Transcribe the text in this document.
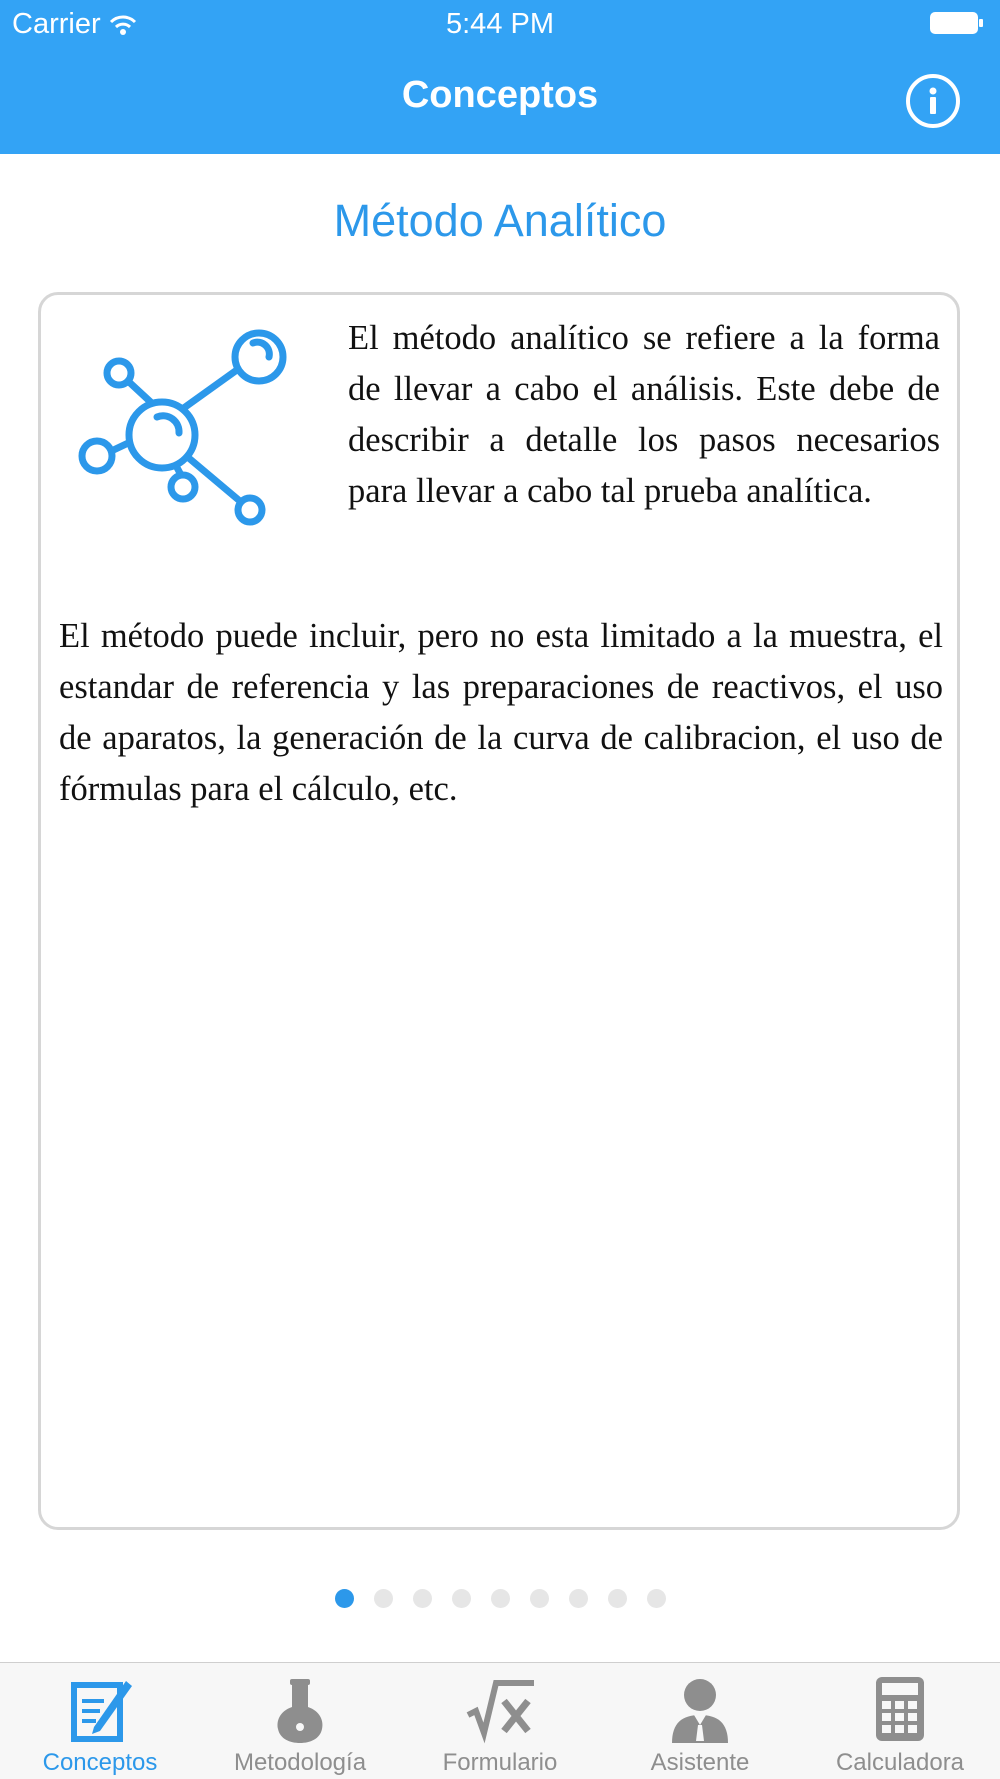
Carrier	5:44 PM
Conceptos
Método Analítico

El método analítico se refiere a la forma de llevar a cabo el análisis. Este debe de describir a detalle los pasos necesarios para llevar a cabo tal prueba analítica.

El método puede incluir, pero no esta limitado a la muestra, el estandar de referencia y las preparaciones de reactivos, el uso de aparatos, la generación de la curva de calibracion, el uso de fórmulas para el cálculo, etc.

Conceptos	Metodología	Formulario	Asistente	Calculadora
